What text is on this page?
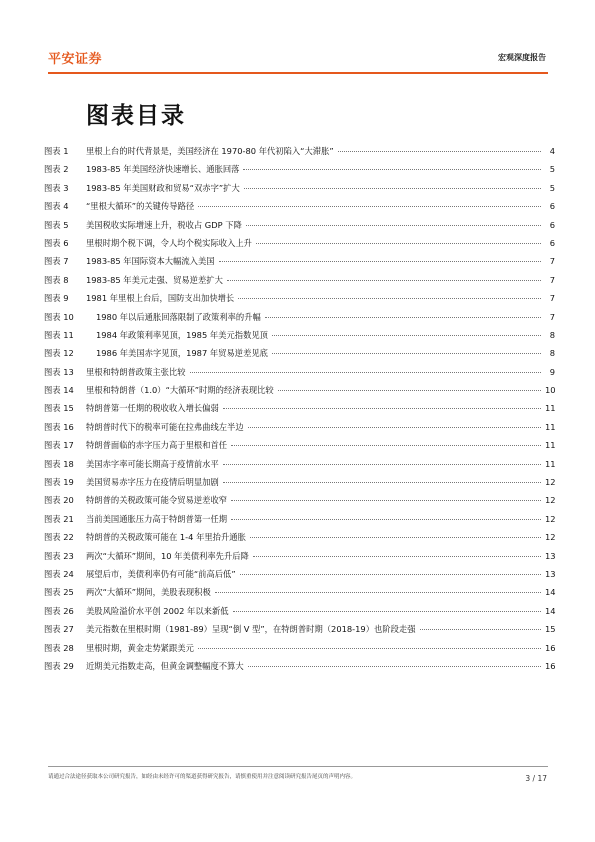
平安证券	宏观深度报告
图表目录
图表 1	里根上台的时代背景是，美国经济在 1970-80 年代初陷入“大滞胀”	4
图表 2	1983-85 年美国经济快速增长、通胀回落	5
图表 3	1983-85 年美国财政和贸易“双赤字”扩大	5
图表 4	“里根大循环”的关键传导路径	6
图表 5	美国税收实际增速上升，税收占 GDP 下降	6
图表 6	里根时期个税下调，令人均个税实际收入上升	6
图表 7	1983-85 年国际资本大幅流入美国	7
图表 8	1983-85 年美元走强、贸易逆差扩大	7
图表 9	1981 年里根上台后，国防支出加快增长	7
图表 10	1980 年以后通胀回落限制了政策利率的升幅	7
图表 11	1984 年政策利率见顶，1985 年美元指数见顶	8
图表 12	1986 年美国赤字见顶，1987 年贸易逆差见底	8
图表 13	里根和特朗普政策主张比较	9
图表 14	里根和特朗普（1.0）“大循环”时期的经济表现比较	10
图表 15	特朗普第一任期的税收收入增长偏弱	11
图表 16	特朗普时代下的税率可能在拉弗曲线左半边	11
图表 17	特朗普面临的赤字压力高于里根和首任	11
图表 18	美国赤字率可能长期高于疫情前水平	11
图表 19	美国贸易赤字压力在疫情后明显加剧	12
图表 20	特朗普的关税政策可能令贸易逆差收窄	12
图表 21	当前美国通胀压力高于特朗普第一任期	12
图表 22	特朗普的关税政策可能在 1-4 年里抬升通胀	12
图表 23	两次“大循环”期间，10 年美债利率先升后降	13
图表 24	展望后市，美债利率仍有可能“前高后低”	13
图表 25	两次“大循环”期间，美股表现积极	14
图表 26	美股风险溢价水平创 2002 年以来新低	14
图表 27	美元指数在里根时期（1981-89）呈现“倒 V 型”，在特朗普时期（2018-19）也阶段走强	15
图表 28	里根时期，黄金走势紧跟美元	16
图表 29	近期美元指数走高，但黄金调整幅度不算大	16
请通过合法途径获取本公司研究报告，如经由未经许可的渠道获得研究报告，请慎重使用并注意阅读研究报告尾页的声明内容。	3 / 17
